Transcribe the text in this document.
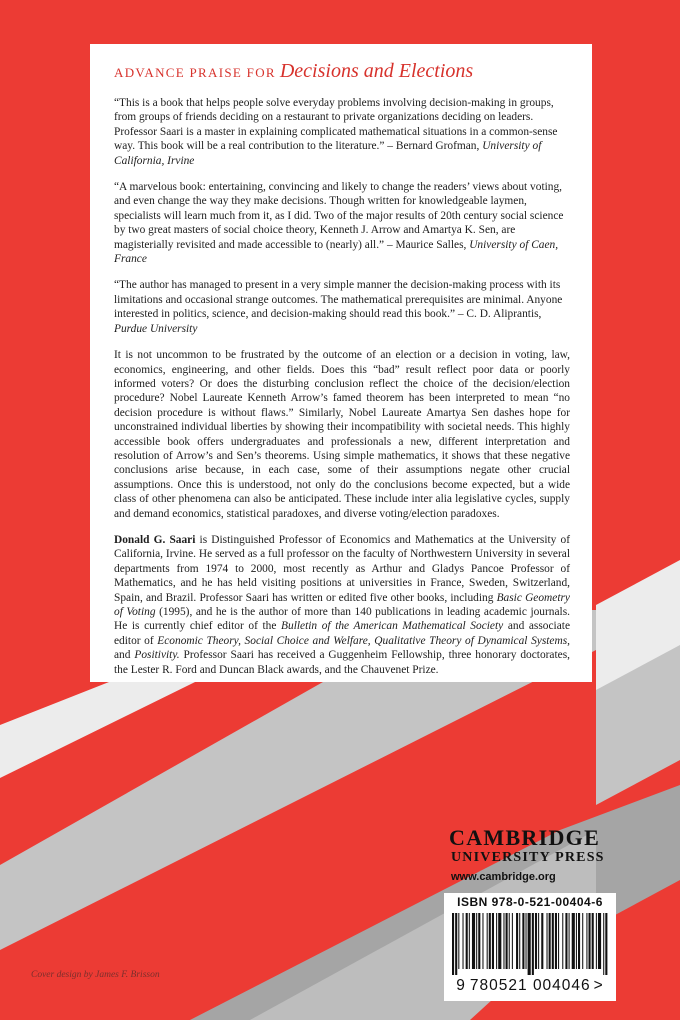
ADVANCE PRAISE FOR Decisions and Elections
“This is a book that helps people solve everyday problems involving decision-making in groups, from groups of friends deciding on a restaurant to private organizations deciding on leaders. Professor Saari is a master in explaining complicated mathematical situations in a common-sense way. This book will be a real contribution to the literature.” – Bernard Grofman, University of California, Irvine
“A marvelous book: entertaining, convincing and likely to change the readers’ views about voting, and even change the way they make decisions. Though written for knowledgeable laymen, specialists will learn much from it, as I did. Two of the major results of 20th century social science by two great masters of social choice theory, Kenneth J. Arrow and Amartya K. Sen, are magisterially revisited and made accessible to (nearly) all.” – Maurice Salles, University of Caen, France
“The author has managed to present in a very simple manner the decision-making process with its limitations and occasional strange outcomes. The mathematical prerequisites are minimal. Anyone interested in politics, science, and decision-making should read this book.” – C. D. Aliprantis, Purdue University
It is not uncommon to be frustrated by the outcome of an election or a decision in voting, law, economics, engineering, and other fields. Does this “bad” result reflect poor data or poorly informed voters? Or does the disturbing conclusion reflect the choice of the decision/election procedure? Nobel Laureate Kenneth Arrow’s famed theorem has been interpreted to mean “no decision procedure is without flaws.” Similarly, Nobel Laureate Amartya Sen dashes hope for unconstrained individual liberties by showing their incompatibility with societal needs. This highly accessible book offers undergraduates and professionals a new, different interpretation and resolution of Arrow’s and Sen’s theorems. Using simple mathematics, it shows that these negative conclusions arise because, in each case, some of their assumptions negate other crucial assumptions. Once this is understood, not only do the conclusions become expected, but a wide class of other phenomena can also be anticipated. These include inter alia legislative cycles, supply and demand economics, statistical paradoxes, and diverse voting/election paradoxes.
Donald G. Saari is Distinguished Professor of Economics and Mathematics at the University of California, Irvine. He served as a full professor on the faculty of Northwestern University in several departments from 1974 to 2000, most recently as Arthur and Gladys Pancoe Professor of Mathematics, and he has held visiting positions at universities in France, Sweden, Switzerland, Spain, and Brazil. Professor Saari has written or edited five other books, including Basic Geometry of Voting (1995), and he is the author of more than 140 publications in leading academic journals. He is currently chief editor of the Bulletin of the American Mathematical Society and associate editor of Economic Theory, Social Choice and Welfare, Qualitative Theory of Dynamical Systems, and Positivity. Professor Saari has received a Guggenheim Fellowship, three honorary doctorates, the Lester R. Ford and Duncan Black awards, and the Chauvenet Prize.
CAMBRIDGE
UNIVERSITY PRESS
www.cambridge.org
ISBN 978-0-521-00404-6
9 780521 004046 >
Cover design by James F. Brisson
